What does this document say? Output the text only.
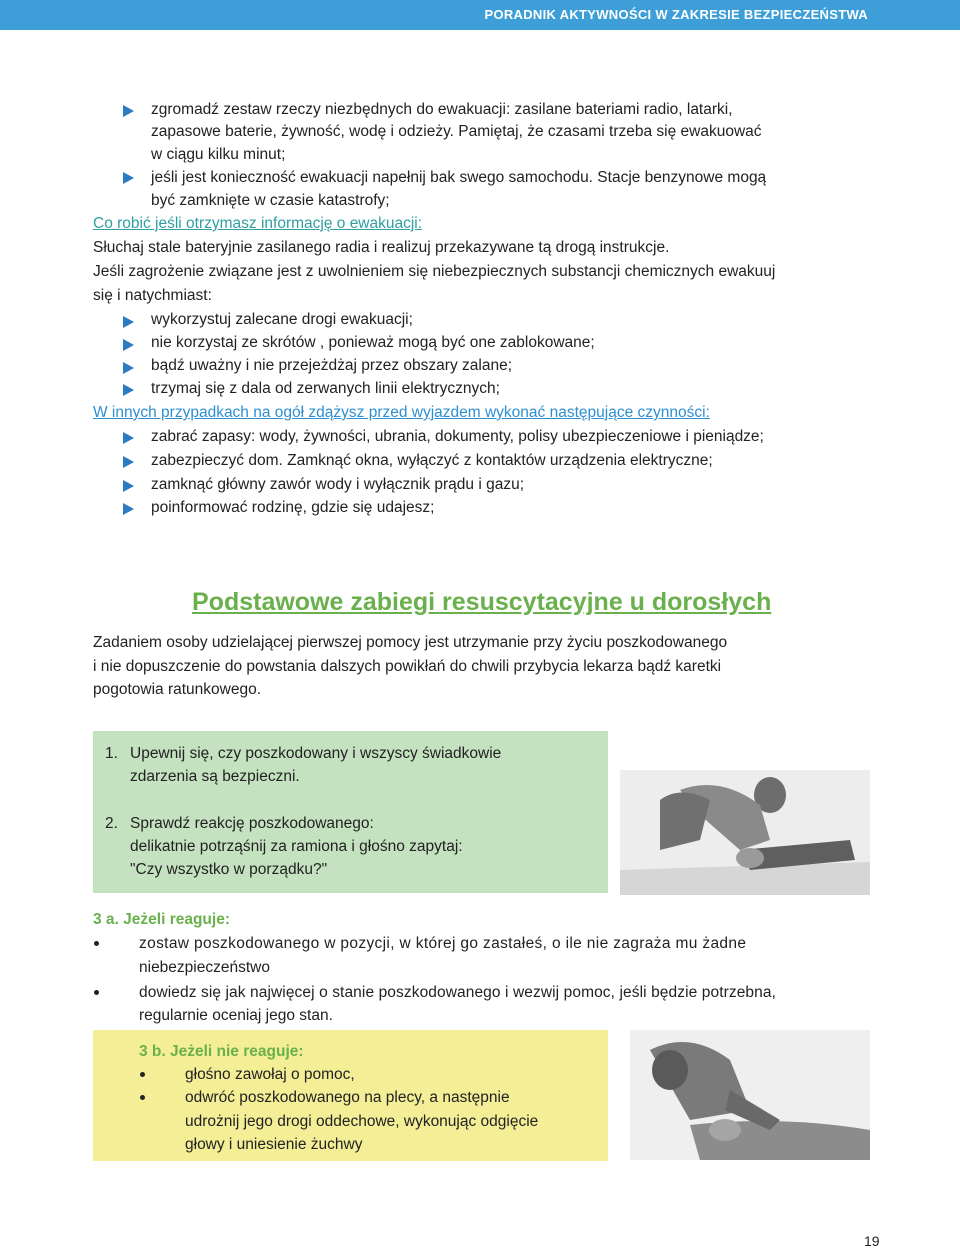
PORADNIK AKTYWNOŚCI W ZAKRESIE BEZPIECZEŃSTWA
zgromadź zestaw rzeczy niezbędnych do ewakuacji: zasilane bateriami radio, latarki,
zapasowe baterie, żywność, wodę i odzieży. Pamiętaj, że czasami trzeba się ewakuować
w ciągu kilku minut;
jeśli jest konieczność ewakuacji napełnij bak swego samochodu. Stacje benzynowe mogą
być zamknięte w czasie katastrofy;
Co robić jeśli otrzymasz informację o ewakuacji:
Słuchaj stale bateryjnie zasilanego radia i realizuj przekazywane tą drogą instrukcje.
Jeśli zagrożenie związane jest z uwolnieniem się niebezpiecznych substancji chemicznych ewakuuj
się i natychmiast:
wykorzystuj zalecane drogi ewakuacji;
nie korzystaj ze skrótów , ponieważ mogą być one zablokowane;
bądź uważny i nie przejeżdżaj przez obszary zalane;
trzymaj się z dala od zerwanych linii elektrycznych;
W innych przypadkach na ogół zdążysz przed wyjazdem wykonać następujące czynności:
zabrać zapasy: wody, żywności, ubrania, dokumenty, polisy ubezpieczeniowe i pieniądze;
zabezpieczyć dom. Zamknąć okna, wyłączyć z kontaktów urządzenia elektryczne;
zamknąć główny zawór wody i wyłącznik prądu i gazu;
poinformować rodzinę, gdzie się udajesz;
Podstawowe zabiegi resuscytacyjne u dorosłych
Zadaniem osoby udzielającej pierwszej pomocy jest utrzymanie przy życiu poszkodowanego
i nie dopuszczenie do powstania dalszych powikłań do chwili przybycia lekarza bądź karetki
pogotowia ratunkowego.
1. Upewnij się, czy poszkodowany i wszyscy świadkowie
zdarzenia są bezpieczni.
2. Sprawdź reakcję poszkodowanego:
delikatnie potrząśnij za ramiona i głośno zapytaj:
"Czy wszystko w porządku?"
3 a. Jeżeli reaguje:
zostaw poszkodowanego w pozycji, w której go zastałeś, o ile nie zagraża mu żadne
niebezpieczeństwo
dowiedz się jak najwięcej o stanie poszkodowanego i wezwij pomoc, jeśli będzie potrzebna,
regularnie oceniaj jego stan.
3 b. Jeżeli nie reaguje:
głośno zawołaj o pomoc,
odwróć poszkodowanego na plecy, a następnie
udrożnij jego drogi oddechowe, wykonując odgięcie
głowy i uniesienie żuchwy
19
